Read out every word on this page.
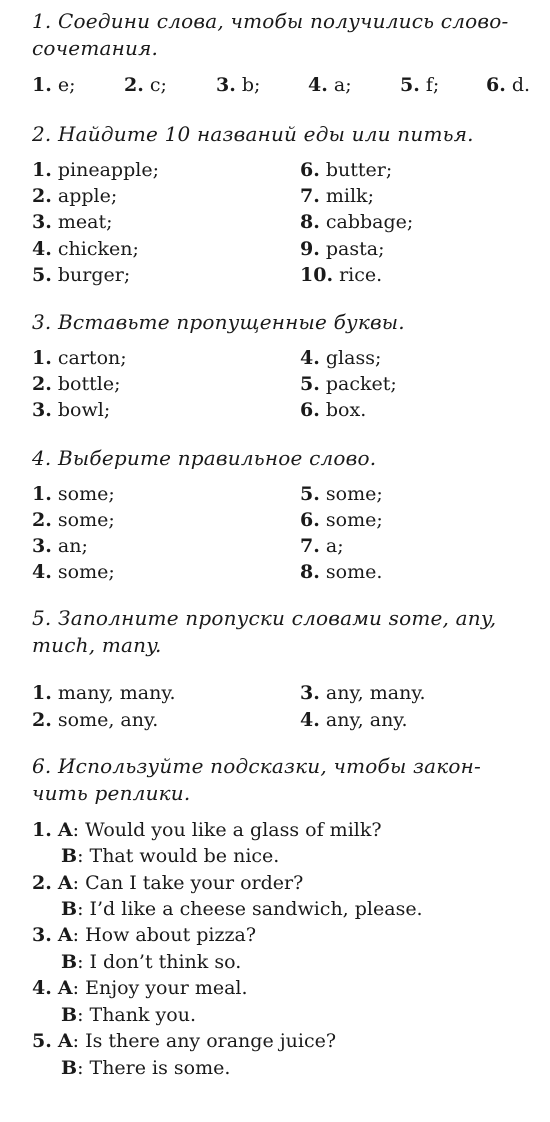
1. Соедини слова, чтобы получились слово-
сочетания.

1. e;	2. c;	3. b;	4. a;	5. f;	6. d.

2. Найдите 10 названий еды или питья.

1. pineapple;	6. butter;
2. apple;	7. milk;
3. meat;	8. cabbage;
4. chicken;	9. pasta;
5. burger;	10. rice.

3. Вставьте пропущенные буквы.

1. carton;	4. glass;
2. bottle;	5. packet;
3. bowl;	6. box.

4. Выберите правильное слово.

1. some;	5. some;
2. some;	6. some;
3. an;	7. a;
4. some;	8. some.

5. Заполните пропуски словами some, any,
much, many.

1. many, many.	3. any, many.
2. some, any.	4. any, any.

6. Используйте подсказки, чтобы закон-
чить реплики.

1. A: Would you like a glass of milk?
B: That would be nice.
2. A: Can I take your order?
B: I’d like a cheese sandwich, please.
3. A: How about pizza?
B: I don’t think so.
4. A: Enjoy your meal.
B: Thank you.
5. A: Is there any orange juice?
B: There is some.
